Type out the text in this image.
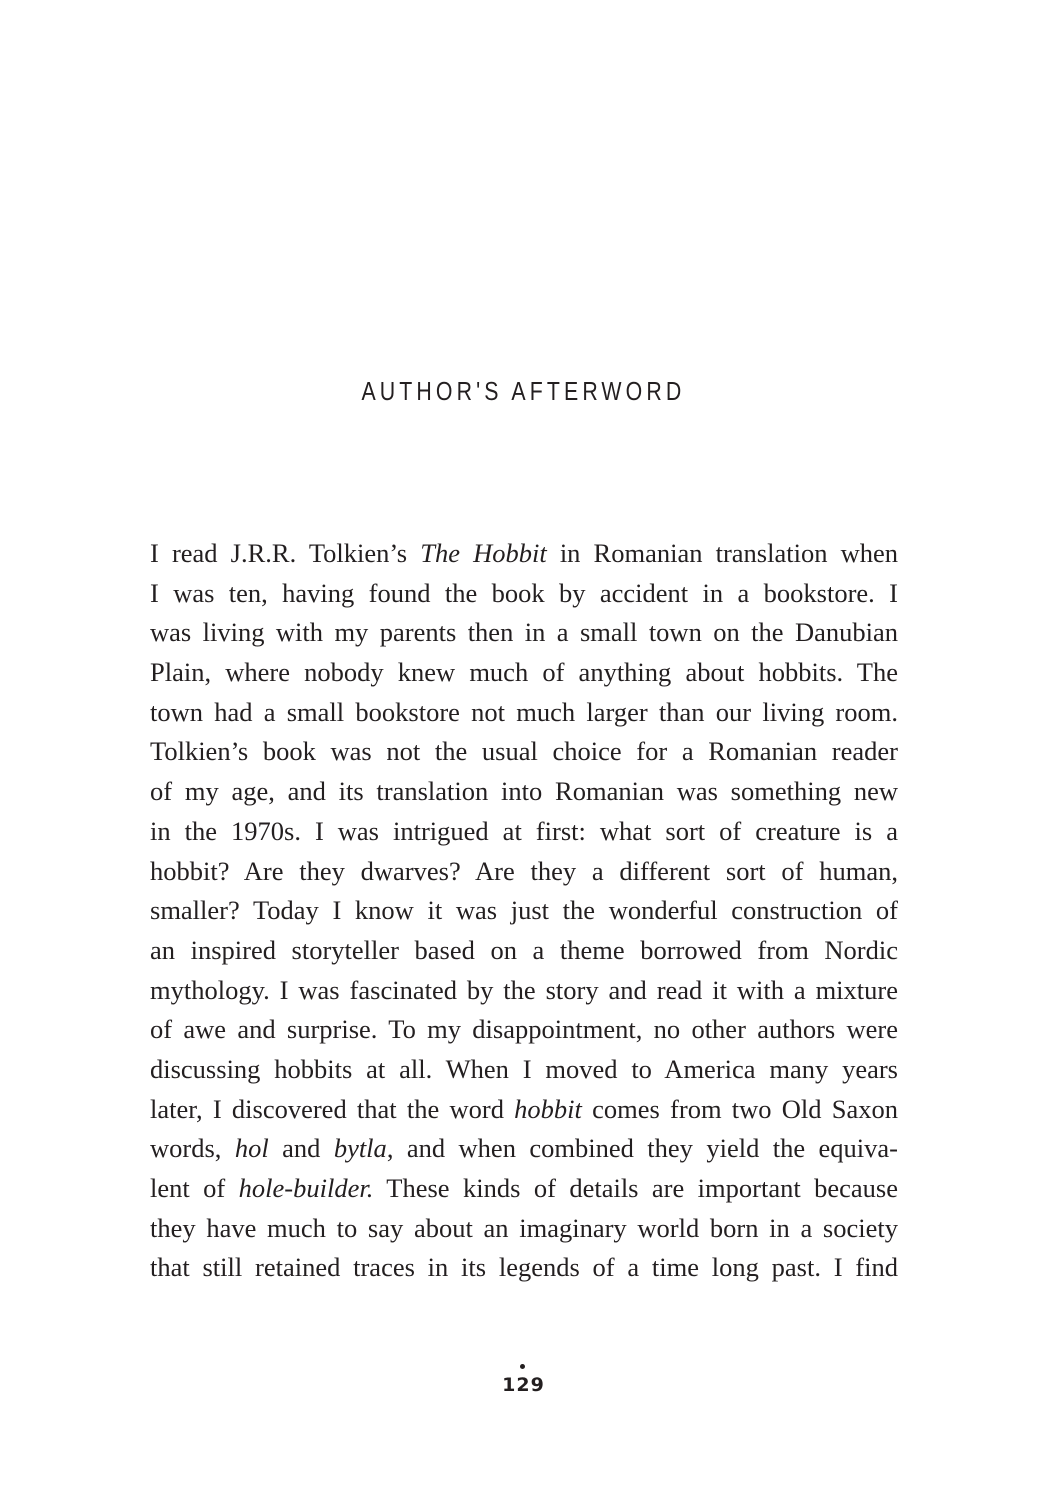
AUTHOR'S AFTERWORD
I read J.R.R. Tolkien’s The Hobbit in Romanian translation when
I was ten, having found the book by accident in a bookstore. I
was living with my parents then in a small town on the Danubian
Plain, where nobody knew much of anything about hobbits. The
town had a small bookstore not much larger than our living room.
Tolkien’s book was not the usual choice for a Romanian reader
of my age, and its translation into Romanian was something new
in the 1970s. I was intrigued at first: what sort of creature is a
hobbit? Are they dwarves? Are they a different sort of human,
smaller? Today I know it was just the wonderful construction of
an inspired storyteller based on a theme borrowed from Nordic
mythology. I was fascinated by the story and read it with a mixture
of awe and surprise. To my disappointment, no other authors were
discussing hobbits at all. When I moved to America many years
later, I discovered that the word hobbit comes from two Old Saxon
words, hol and bytla, and when combined they yield the equiva-
lent of hole-builder. These kinds of details are important because
they have much to say about an imaginary world born in a society
that still retained traces in its legends of a time long past. I find
129
